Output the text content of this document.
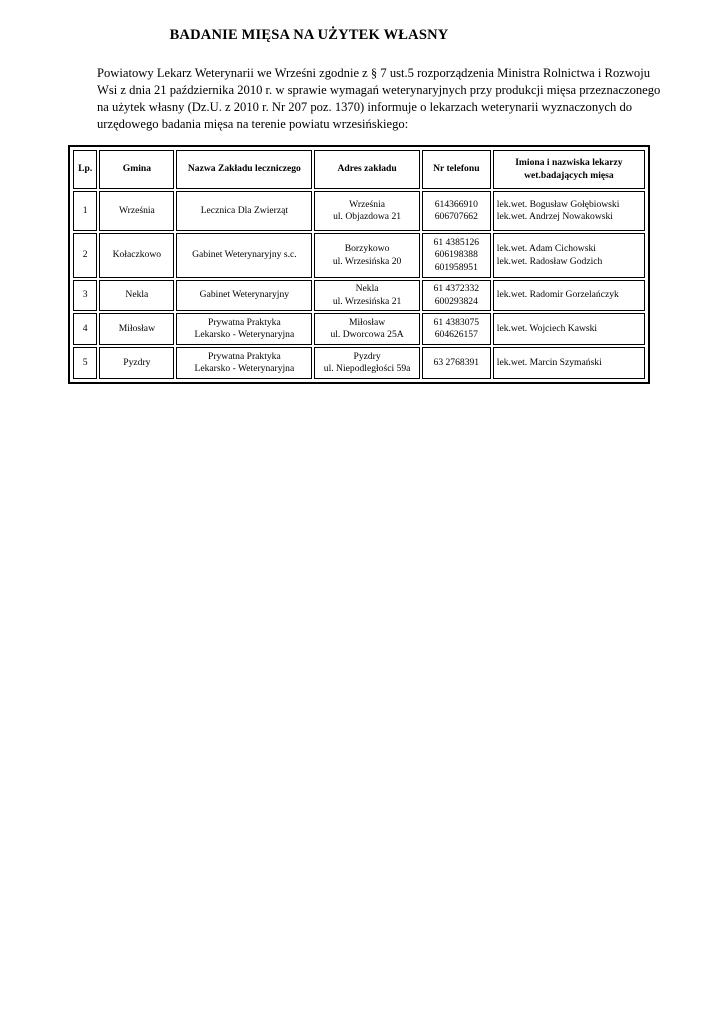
BADANIE MIĘSA NA UŻYTEK WŁASNY
Powiatowy Lekarz Weterynarii we Wrześni zgodnie z § 7 ust.5 rozporządzenia Ministra Rolnictwa i Rozwoju
Wsi z dnia 21 października 2010 r. w sprawie wymagań weterynaryjnych przy produkcji mięsa przeznaczonego
na użytek własny (Dz.U. z 2010 r. Nr 207 poz. 1370) informuje o lekarzach weterynarii wyznaczonych do
urzędowego badania mięsa na terenie powiatu wrzesińskiego:
Lp.	Gmina	Nazwa Zakładu leczniczego	Adres zakładu	Nr telefonu	Imiona i nazwiska lekarzy
wet.badających mięsa

1	Września	Lecznica Dla Zwierząt	Września
ul. Objazdowa 21	614366910
606707662	lek.wet. Bogusław Gołębiowski
lek.wet. Andrzej Nowakowski

2	Kołaczkowo	Gabinet Weterynaryjny s.c.	Borzykowo
ul. Wrzesińska 20	61 4385126
606198388
601958951	lek.wet. Adam Cichowski
lek.wet. Radosław Godzich

3	Nekla	Gabinet Weterynaryjny	Nekla
ul. Wrzesińska 21	61 4372332
600293824	lek.wet. Radomir Gorzelańczyk

4	Miłosław	Prywatna Praktyka
Lekarsko - Weterynaryjna	Miłosław
ul. Dworcowa 25A	61 4383075
604626157	lek.wet. Wojciech Kawski

5	Pyzdry	Prywatna Praktyka
Lekarsko - Weterynaryjna	Pyzdry
ul. Niepodległości 59a	63 2768391	lek.wet. Marcin Szymański
